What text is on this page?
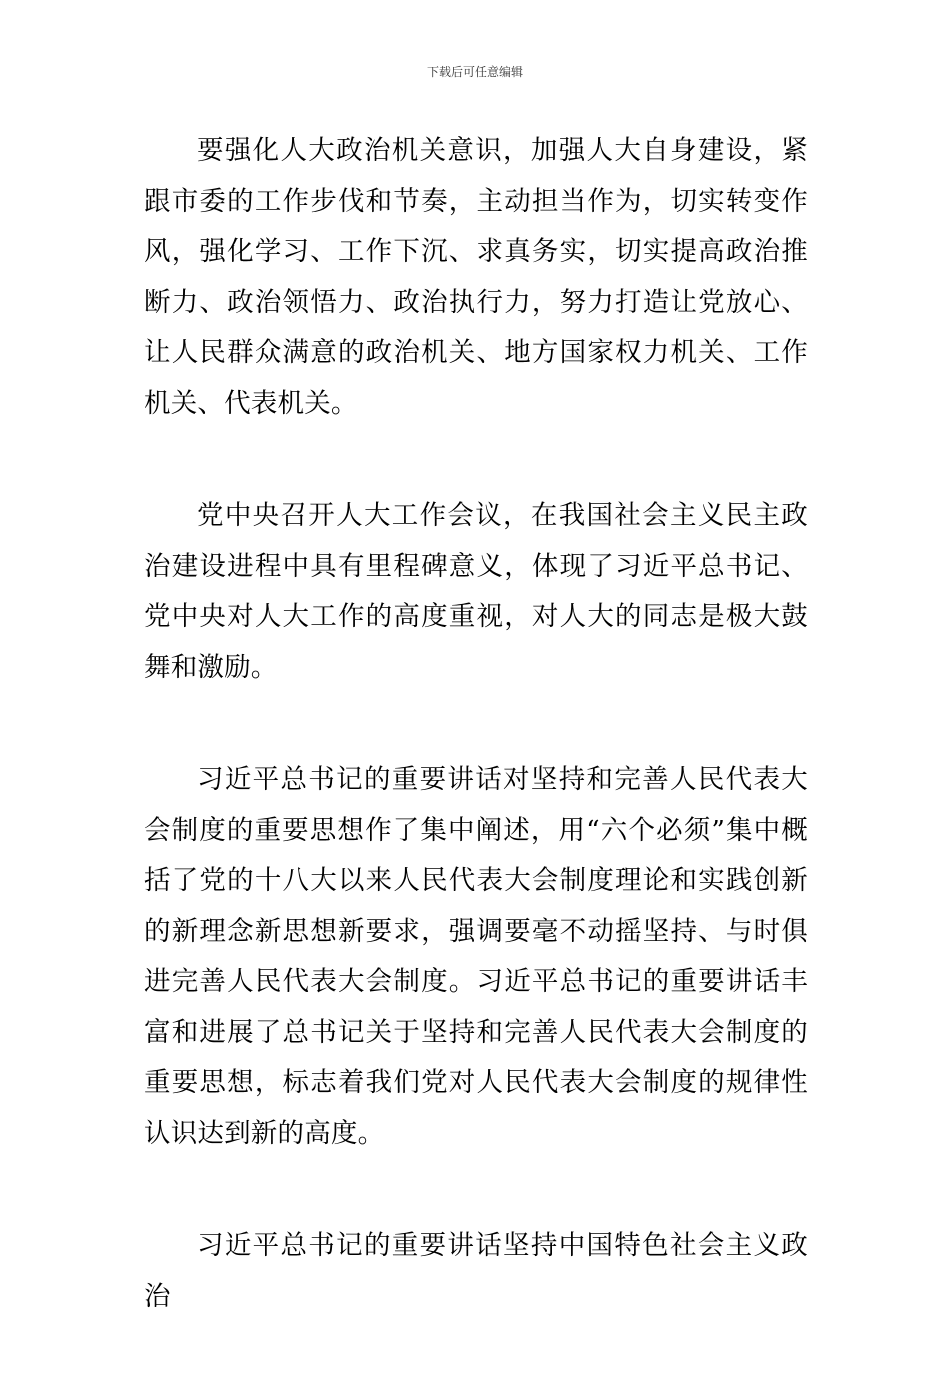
下载后可任意编辑

要强化人大政治机关意识，加强人大自身建设，紧跟市委的工作步伐和节奏，主动担当作为，切实转变作风，强化学习、工作下沉、求真务实，切实提高政治推断力、政治领悟力、政治执行力，努力打造让党放心、让人民群众满意的政治机关、地方国家权力机关、工作机关、代表机关。

党中央召开人大工作会议，在我国社会主义民主政治建设进程中具有里程碑意义，体现了习近平总书记、党中央对人大工作的高度重视，对人大的同志是极大鼓舞和激励。

习近平总书记的重要讲话对坚持和完善人民代表大会制度的重要思想作了集中阐述，用“六个必须”集中概括了党的十八大以来人民代表大会制度理论和实践创新的新理念新思想新要求，强调要毫不动摇坚持、与时俱进完善人民代表大会制度。习近平总书记的重要讲话丰富和进展了总书记关于坚持和完善人民代表大会制度的重要思想，标志着我们党对人民代表大会制度的规律性认识达到新的高度。

习近平总书记的重要讲话坚持中国特色社会主义政治
